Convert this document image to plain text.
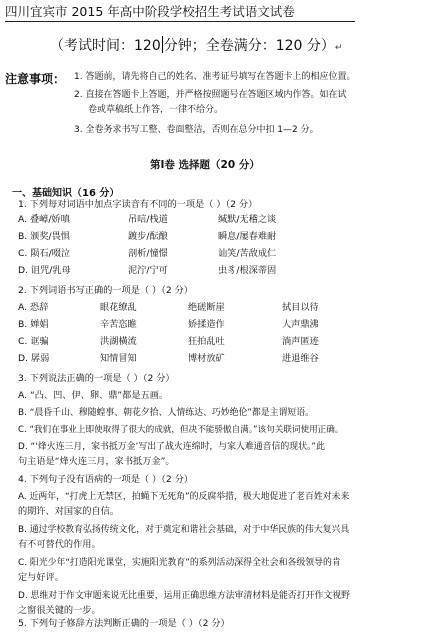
四川宜宾市 2015 年高中阶段学校招生考试语文试卷
（考试时间：120 分钟；全卷满分：120 分）↵
注意事项： 1. 答题前，请先将自己的姓名、准考证号填写在答题卡上的相应位置。
2. 直接在答题卡上答题，并严格按照题号在答题区域内作答。如在试
卷或草稿纸上作答，一律不给分。
3. 全卷务求书写工整、卷面整洁，否则在总分中扣 1—2 分。
第Ⅰ卷 选择题（20 分）
一、基础知识（16 分）
1. 下列每对词语中加点字读音有不同的一项是（ ）（2 分）
A. 叠嶂/娇嗔	吊唁/栈道	缄默/无稽之谈
B. 颁奖/畏惧	踱步/酝酿	瞬息/屡春难耐
C. 陨石/啜泣	剖析/憧憬	讪笑/苦敌成仁
D. 诅咒/乳母	泥泞/宁可	虫豸/根深蒂固
2. 下列词语书写正确的一项是（ ）（2 分）
A. 恐辞	眼花缭乱	绝磋断崖	拭目以待
B. 婵娟	辛苦恣睢	娇揉造作	人声鼎沸
C. 诓骗	洪湖橫流	狂拍乱吐	淌声匿迹
D. 孱弱	知情冒知	博材放矿	进退维谷
3. 下列说法正确的一项是（ ）（2 分）
A. “凸、凹、伊、卵、鼎”都是五画。
B. “晨昏千山、穆随蝗事、朝花夕拾、人情练达、巧妙绝伦”都是主谓短语。
C. “我们在事业上即使取得了很大的成就，但决不能骄傲自满。”该句关联词使用正确。
D. “‘烽火连三月，家书抵万金’写出了战火连绵时，与家人难通音信的现状。”此
句主语是“烽火连三月，家书抵万金”。
4. 下列句子没有语病的一项是（ ）（2 分）
A. 近两年，“打虎上无禁区，拍蝇下无死角”的反腐举措，极大地促进了老百姓对未来
的期许、对国家的自信。
B. 通过学校教育弘扬传统文化，对于奠定和谐社会基础，对于中华民族的伟大复兴具
有不可替代的作用。
C. 阳光少年“打造阳光课堂，实施阳光教育”的系列活动深得全社会和各级领导的肯
定与好评。
D. 思维对于作文审题来说无比重要，运用正确思维方法审清材料是能否打开作文视野
之窗很关键的一步。
5. 下列句子修辞方法判断正确的一项是（ ）（2 分）
